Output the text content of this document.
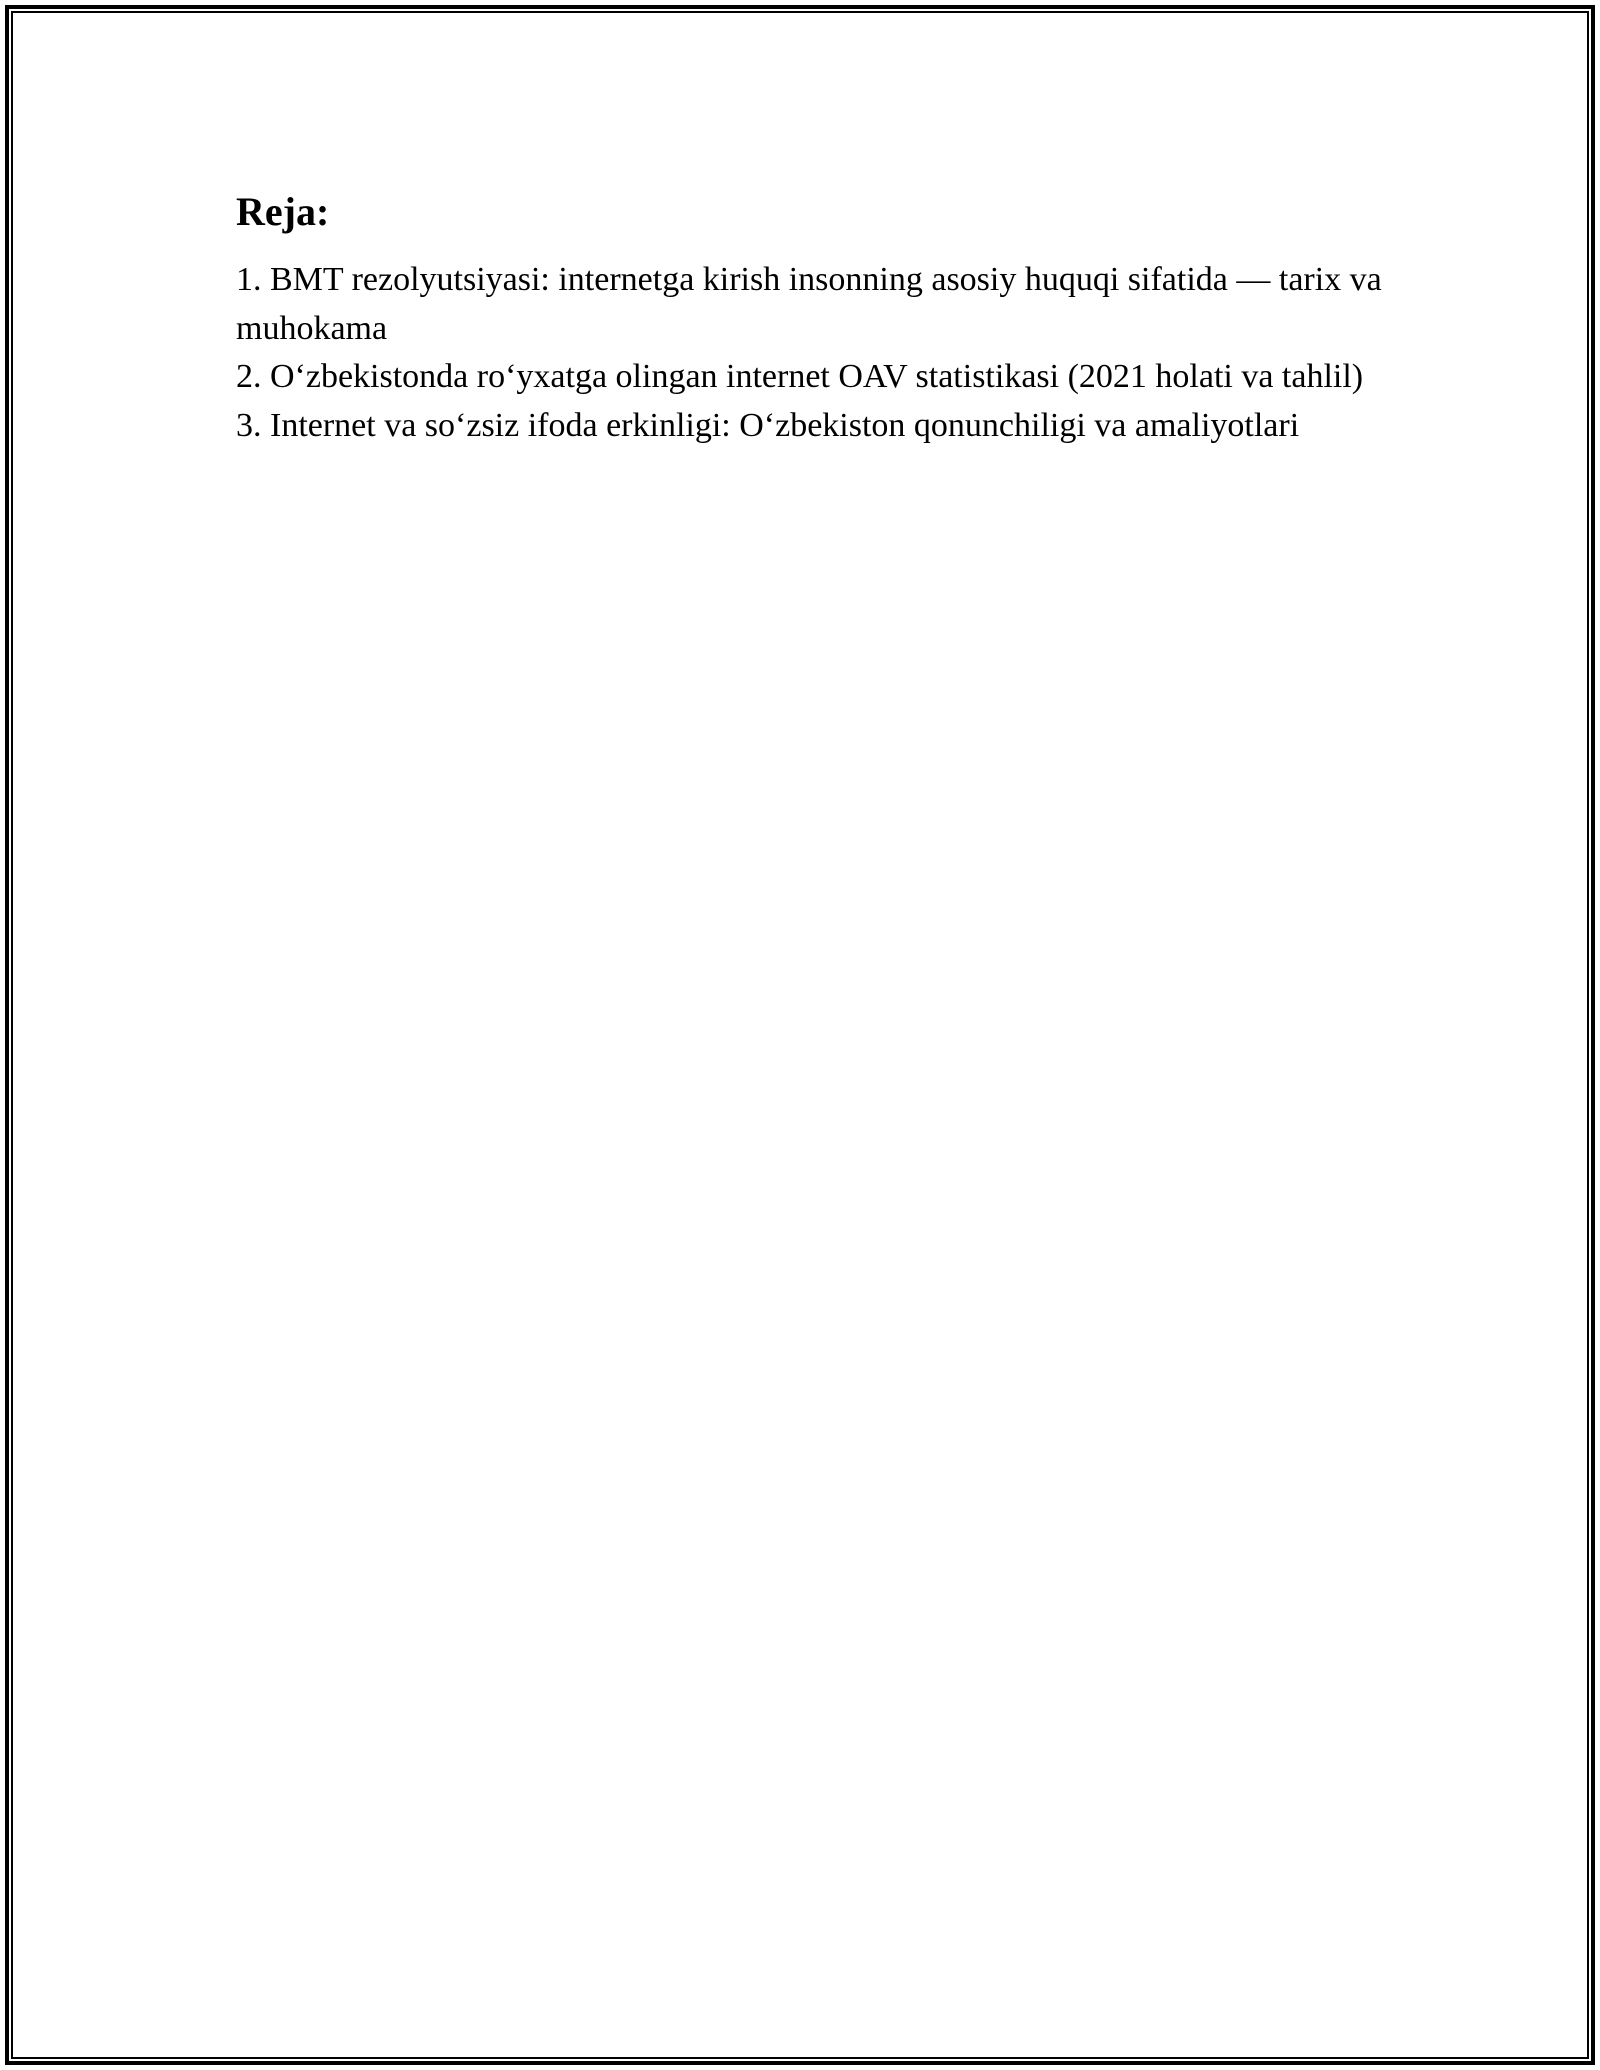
Reja:
1. BMT rezolyutsiyasi: internetga kirish insonning asosiy huquqi sifatida — tarix va muhokama
2. O‘zbekistonda ro‘yxatga olingan internet OAV statistikasi (2021 holati va tahlil)
3. Internet va so‘zsiz ifoda erkinligi: O‘zbekiston qonunchiligi va amaliyotlari
